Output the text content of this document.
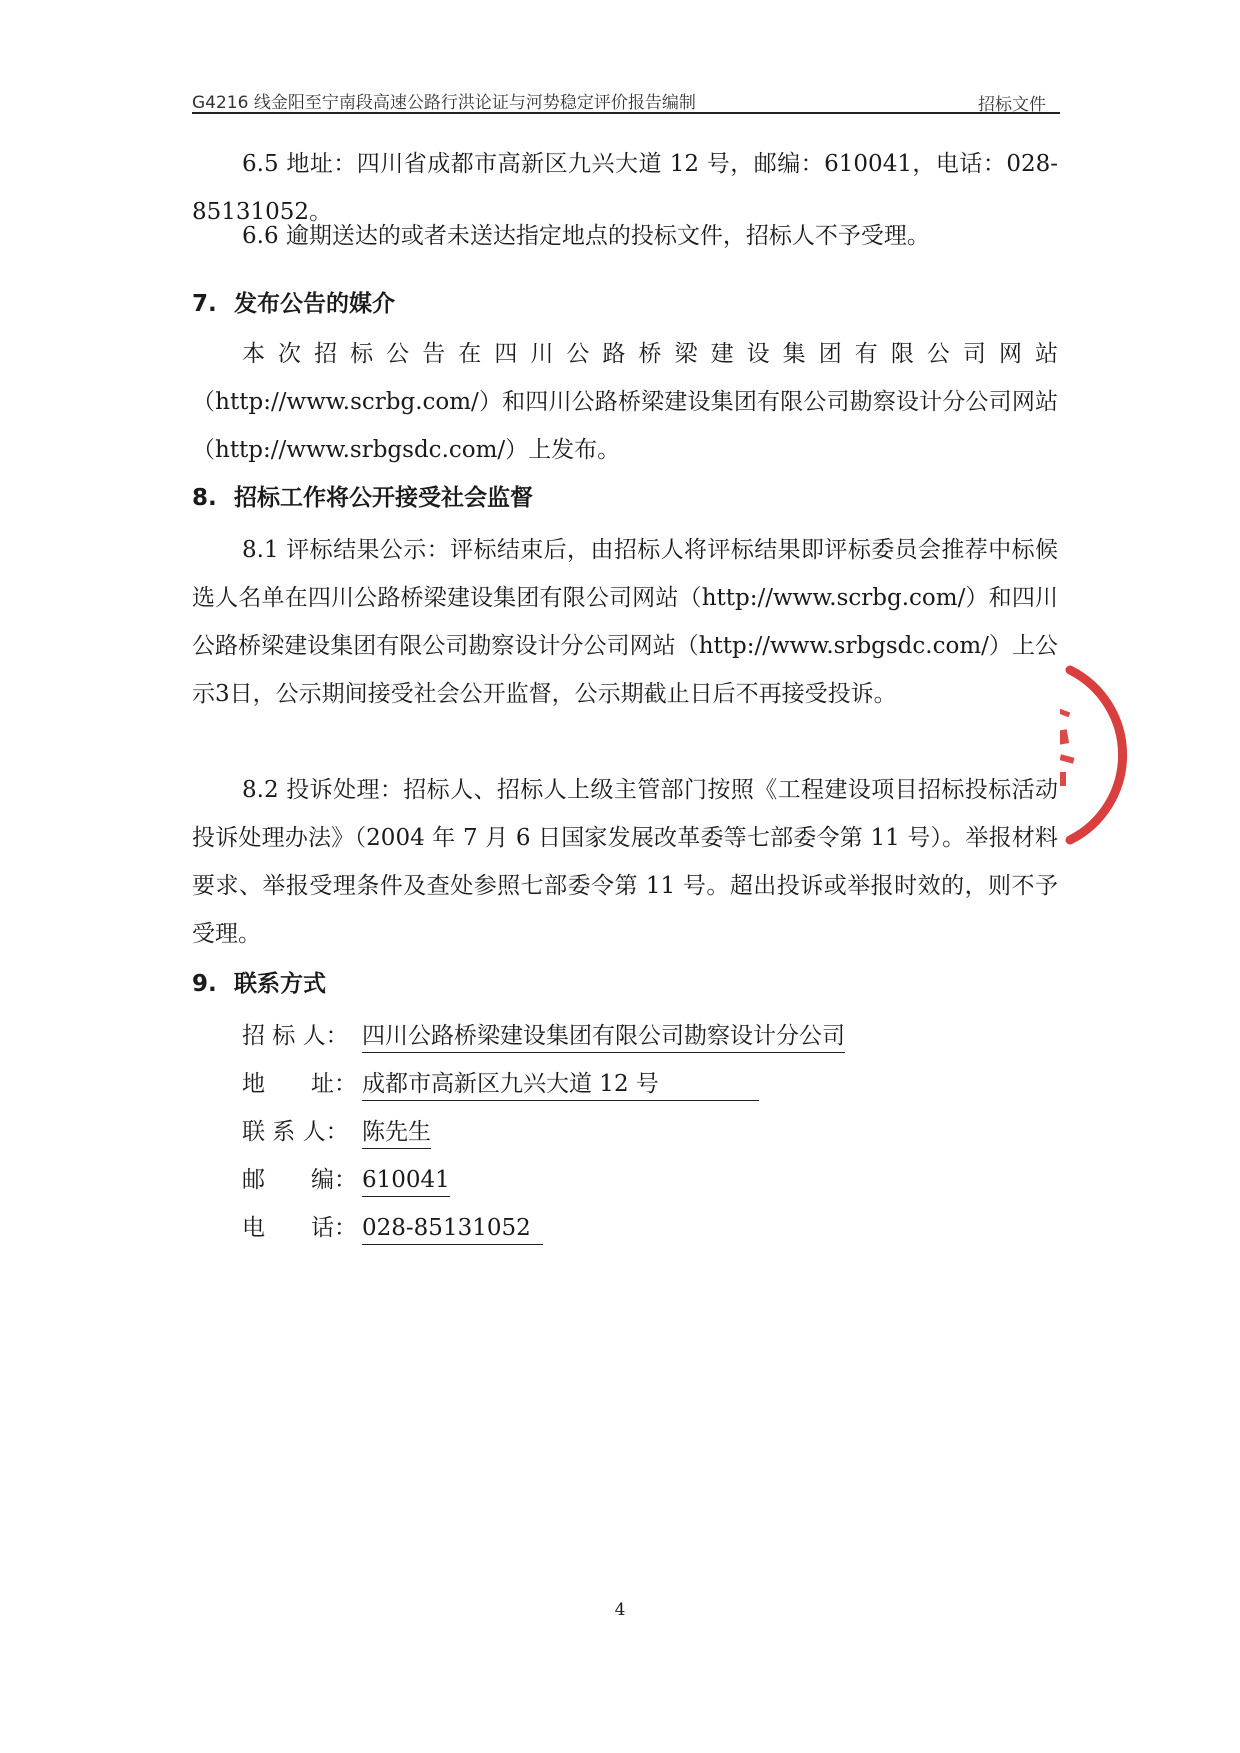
G4216 线金阳至宁南段高速公路行洪论证与河势稳定评价报告编制	招标文件

6.5 地址：四川省成都市高新区九兴大道 12 号，邮编：610041，电话：028-85131052。

6.6 逾期送达的或者未送达指定地点的投标文件，招标人不予受理。

7. 发布公告的媒介

本次招标公告在四川公路桥梁建设集团有限公司网站（http://www.scrbg.com/）和四川公路桥梁建设集团有限公司勘察设计分公司网站（http://www.srbgsdc.com/）上发布。

8. 招标工作将公开接受社会监督

8.1 评标结果公示：评标结束后，由招标人将评标结果即评标委员会推荐中标候选人名单在四川公路桥梁建设集团有限公司网站（http://www.scrbg.com/）和四川公路桥梁建设集团有限公司勘察设计分公司网站（http://www.srbgsdc.com/）上公示3日，公示期间接受社会公开监督，公示期截止日后不再接受投诉。

8.2 投诉处理：招标人、招标人上级主管部门按照《工程建设项目招标投标活动投诉处理办法》（2004 年 7 月 6 日国家发展改革委等七部委令第 11 号）。举报材料要求、举报受理条件及查处参照七部委令第 11 号。超出投诉或举报时效的，则不予受理。

9. 联系方式

招 标 人： 四川公路桥梁建设集团有限公司勘察设计分公司

地　　址： 成都市高新区九兴大道 12 号

联 系 人： 陈先生

邮　　编： 610041

电　　话： 028-85131052

4
